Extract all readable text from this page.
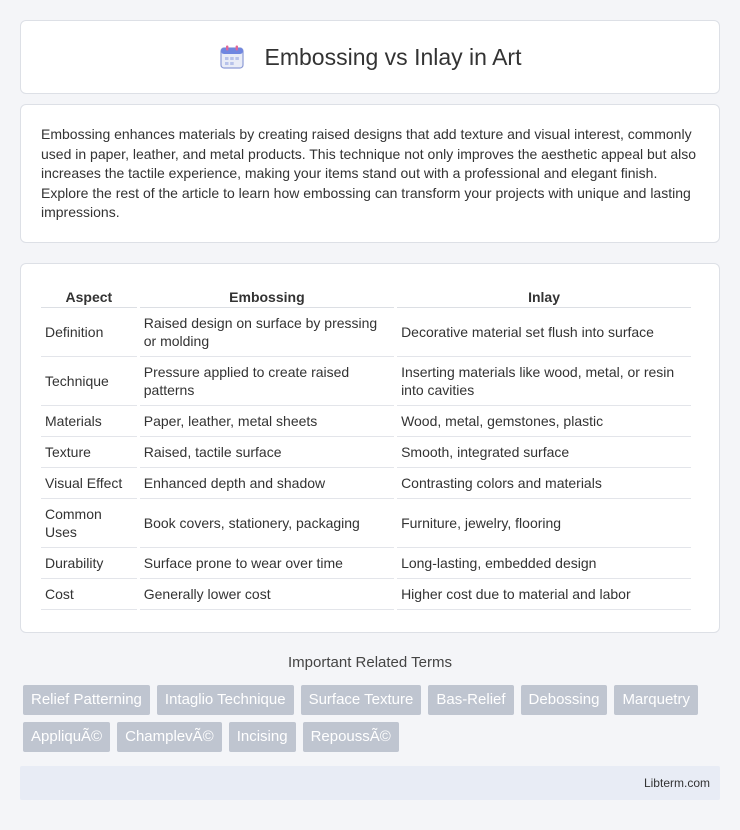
Embossing vs Inlay in Art

Embossing enhances materials by creating raised designs that add texture and visual interest, commonly used in paper, leather, and metal products. This technique not only improves the aesthetic appeal but also increases the tactile experience, making your items stand out with a professional and elegant finish. Explore the rest of the article to learn how embossing can transform your projects with unique and lasting impressions.

Aspect	Embossing	Inlay
Definition	Raised design on surface by pressing or molding	Decorative material set flush into surface
Technique	Pressure applied to create raised patterns	Inserting materials like wood, metal, or resin into cavities
Materials	Paper, leather, metal sheets	Wood, metal, gemstones, plastic
Texture	Raised, tactile surface	Smooth, integrated surface
Visual Effect	Enhanced depth and shadow	Contrasting colors and materials
Common Uses	Book covers, stationery, packaging	Furniture, jewelry, flooring
Durability	Surface prone to wear over time	Long-lasting, embedded design
Cost	Generally lower cost	Higher cost due to material and labor
Important Related Terms
Relief Patterning	Intaglio Technique	Surface Texture	Bas-Relief	Debossing	Marquetry
AppliquÃ©	ChamplevÃ©	Incising	RepoussÃ©
Libterm.com
